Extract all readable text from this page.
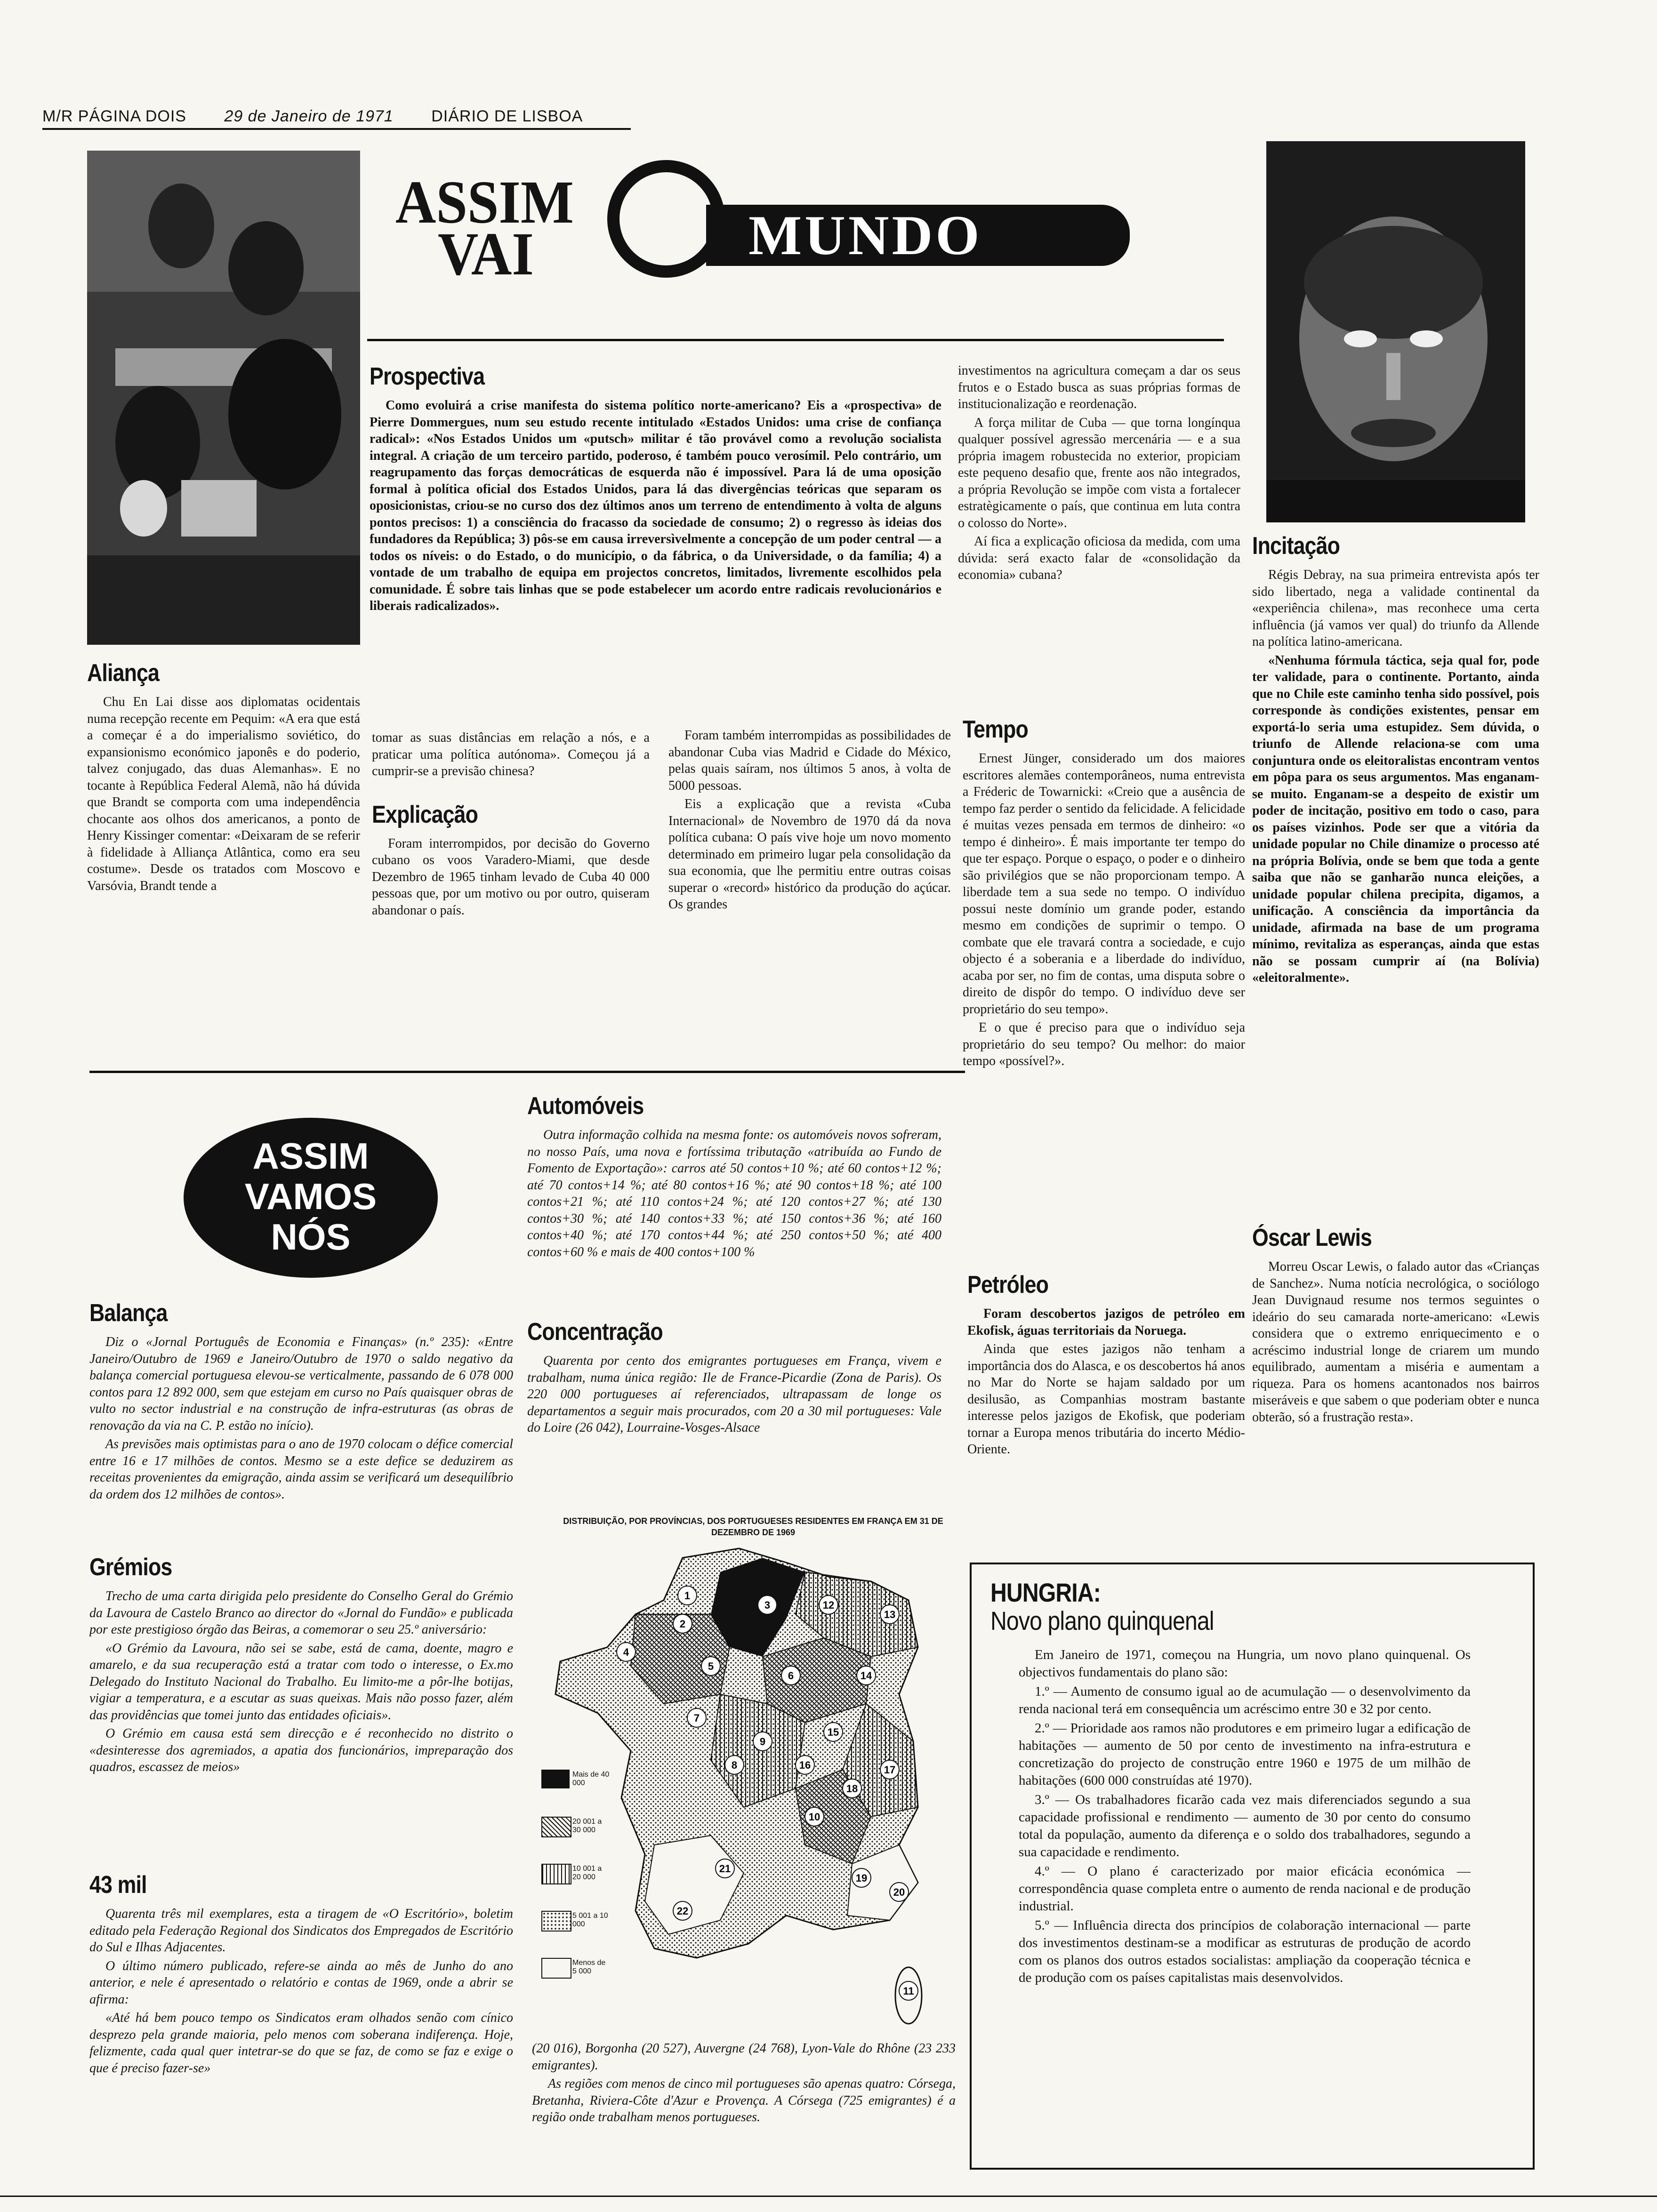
M/R PÁGINA DOIS 29 de Janeiro de 1971 DIÁRIO DE LISBOA
ASSIM
VAI	MUNDO
Prospectiva

Como evoluirá a crise manifesta do sistema político norte-americano? Eis a «prospectiva» de Pierre Dommergues, num seu estudo recente intitulado «Estados Unidos: uma crise de confiança radical»: «Nos Estados Unidos um «putsch» militar é tão provável como a revolução socialista integral. A criação de um terceiro partido, poderoso, é também pouco verosímil. Pelo contrário, um reagrupamento das forças democráticas de esquerda não é impossível. Para lá de uma oposição formal à política oficial dos Estados Unidos, para lá das divergências teóricas que separam os oposicionistas, criou-se no curso dos dez últimos anos um terreno de entendimento à volta de alguns pontos precisos: 1) a consciência do fracasso da sociedade de consumo; 2) o regresso às ideias dos fundadores da República; 3) pôs-se em causa irreversìvelmente a concepção de um poder central — a todos os níveis: o do Estado, o do município, o da fábrica, o da Universidade, o da família; 4) a vontade de um trabalho de equipa em projectos concretos, limitados, livremente escolhidos pela comunidade. É sobre tais linhas que se pode estabelecer um acordo entre radicais revolucionários e liberais radicalizados».

Aliança

Chu En Lai disse aos diplomatas ocidentais numa recepção recente em Pequim: «A era que está a começar é a do imperialismo soviético, do expansionismo económico japonês e do poderio, talvez conjugado, das duas Alemanhas». E no tocante à República Federal Alemã, não há dúvida que Brandt se comporta com uma independência chocante aos olhos dos americanos, a ponto de Henry Kissinger comentar: «Deixaram de se referir à fidelidade à Alliança Atlântica, como era seu costume». Desde os tratados com Moscovo e Varsóvia, Brandt tende a

tomar as suas distâncias em relação a nós, e a praticar uma política autónoma». Começou já a cumprir-se a previsão chinesa?

Explicação

Foram interrompidos, por decisão do Governo cubano os voos Varadero-Miami, que desde Dezembro de 1965 tinham levado de Cuba 40 000 pessoas que, por um motivo ou por outro, quiseram abandonar o país.

Foram também interrompidas as possibilidades de abandonar Cuba vias Madrid e Cidade do México, pelas quais saíram, nos últimos 5 anos, à volta de 5000 pessoas.

Eis a explicação que a revista «Cuba Internacional» de Novembro de 1970 dá da nova política cubana: O país vive hoje um novo momento determinado em primeiro lugar pela consolidação da sua economia, que lhe permitiu entre outras coisas superar o «record» histórico da produção do açúcar. Os grandes

investimentos na agricultura começam a dar os seus frutos e o Estado busca as suas próprias formas de institucionalização e reordenação.

A força militar de Cuba — que torna longínqua qualquer possível agressão mercenária — e a sua própria imagem robustecida no exterior, propiciam este pequeno desafio que, frente aos não integrados, a própria Revolução se impõe com vista a fortalecer estratègicamente o país, que continua em luta contra o colosso do Norte».

Aí fica a explicação oficiosa da medida, com uma dúvida: será exacto falar de «consolidação da economia» cubana?

Incitação

Régis Debray, na sua primeira entrevista após ter sido libertado, nega a validade continental da «experiência chilena», mas reconhece uma certa influência (já vamos ver qual) do triunfo da Allende na política latino-americana.

«Nenhuma fórmula táctica, seja qual for, pode ter validade, para o continente. Portanto, ainda que no Chile este caminho tenha sido possível, pois corresponde às condições existentes, pensar em exportá-lo seria uma estupidez. Sem dúvida, o triunfo de Allende relaciona-se com uma conjuntura onde os eleitoralistas encontram ventos em pôpa para os seus argumentos. Mas enganam-se muito. Enganam-se a despeito de existir um poder de incitação, positivo em todo o caso, para os países vizinhos. Pode ser que a vitória da unidade popular no Chile dinamize o processo até na própria Bolívia, onde se bem que toda a gente saiba que não se ganharão nunca eleições, a unidade popular chilena precipita, digamos, a unificação. A consciência da importância da unidade, afirmada na base de um programa mínimo, revitaliza as esperanças, ainda que estas não se possam cumprir aí (na Bolívia) «eleitoralmente».

Tempo

Ernest Jünger, considerado um dos maiores escritores alemães contemporâneos, numa entrevista a Fréderic de Towarnicki: «Creio que a ausência de tempo faz perder o sentido da felicidade. A felicidade é muitas vezes pensada em termos de dinheiro: «o tempo é dinheiro». É mais importante ter tempo do que ter espaço. Porque o espaço, o poder e o dinheiro são privilégios que se não proporcionam tempo. A liberdade tem a sua sede no tempo. O indivíduo possui neste domínio um grande poder, estando mesmo em condições de suprimir o tempo. O combate que ele travará contra a sociedade, e cujo objecto é a soberania e a liberdade do indivíduo, acaba por ser, no fim de contas, uma disputa sobre o direito de dispôr do tempo. O indivíduo deve ser proprietário do seu tempo».

E o que é preciso para que o indivíduo seja proprietário do seu tempo? Ou melhor: do maior tempo «possível?».

Óscar Lewis

Morreu Oscar Lewis, o falado autor das «Crianças de Sanchez». Numa notícia necrológica, o sociólogo Jean Duvignaud resume nos termos seguintes o ideário do seu camarada norte-americano: «Lewis considera que o extremo enriquecimento e o acréscimo industrial longe de criarem um mundo equilibrado, aumentam a miséria e aumentam a riqueza. Para os homens acantonados nos bairros miseráveis e que sabem o que poderiam obter e nunca obterão, só a frustração resta».

ASSIM
VAMOS
NÓS
Automóveis

Outra informação colhida na mesma fonte: os automóveis novos sofreram, no nosso País, uma nova e fortíssima tributação «atribuída ao Fundo de Fomento de Exportação»: carros até 50 contos+10 %; até 60 contos+12 %; até 70 contos+14 %; até 80 contos+16 %; até 90 contos+18 %; até 100 contos+21 %; até 110 contos+24 %; até 120 contos+27 %; até 130 contos+30 %; até 140 contos+33 %; até 150 contos+36 %; até 160 contos+40 %; até 170 contos+44 %; até 250 contos+50 %; até 400 contos+60 % e mais de 400 contos+100 %

Concentração

Quarenta por cento dos emigrantes portugueses em França, vivem e trabalham, numa única região: Ile de France-Picardie (Zona de Paris). Os 220 000 portugueses aí referenciados, ultrapassam de longe os departamentos a seguir mais procurados, com 20 a 30 mil portugueses: Vale do Loire (26 042), Lourraine-Vosges-Alsace

DISTRIBUIÇÃO, POR PROVÍNCIAS, DOS PORTUGUESES RESIDENTES EM FRANÇA EM 31 DE DEZEMBRO DE 1969
3
1
2
4
5
6
7
8
9
10
11
12
13
14
15
16	17
18
19
20
21
22
Mais de 40 000
20 001 a 30 000
10 001 a 20 000
5 001 a 10 000
Menos de 5 000

(20 016), Borgonha (20 527), Auvergne (24 768), Lyon-Vale do Rhône (23 233 emigrantes).

As regiões com menos de cinco mil portugueses são apenas quatro: Córsega, Bretanha, Riviera-Côte d'Azur e Provença. A Córsega (725 emigrantes) é a região onde trabalham menos portugueses.

Petróleo

Foram descobertos jazigos de petróleo em Ekofisk, águas territoriais da Noruega.

Ainda que estes jazigos não tenham a importância dos do Alasca, e os descobertos há anos no Mar do Norte se hajam saldado por um desilusão, as Companhias mostram bastante interesse pelos jazigos de Ekofisk, que poderiam tornar a Europa menos tributária do incerto Médio-Oriente.

Balança

Diz o «Jornal Português de Economia e Finanças» (n.º 235): «Entre Janeiro/Outubro de 1969 e Janeiro/Outubro de 1970 o saldo negativo da balança comercial portuguesa elevou-se verticalmente, passando de 6 078 000 contos para 12 892 000, sem que estejam em curso no País quaisquer obras de vulto no sector industrial e na construção de infra-estruturas (as obras de renovação da via na C. P. estão no início).

As previsões mais optimistas para o ano de 1970 colocam o défice comercial entre 16 e 17 milhões de contos. Mesmo se a este defice se deduzirem as receitas provenientes da emigração, ainda assim se verificará um desequilíbrio da ordem dos 12 milhões de contos».

Grémios

Trecho de uma carta dirigida pelo presidente do Conselho Geral do Grémio da Lavoura de Castelo Branco ao director do «Jornal do Fundão» e publicada por este prestigioso órgão das Beiras, a comemorar o seu 25.º aniversário:

«O Grémio da Lavoura, não sei se sabe, está de cama, doente, magro e amarelo, e da sua recuperação está a tratar com todo o interesse, o Ex.mo Delegado do Instituto Nacional do Trabalho. Eu limito-me a pôr-lhe botijas, vigiar a temperatura, e a escutar as suas queixas. Mais não posso fazer, além das providências que tomei junto das entidades oficiais».

O Grémio em causa está sem direcção e é reconhecido no distrito o «desinteresse dos agremiados, a apatia dos funcionários, impreparação dos quadros, escassez de meios»

43 mil

Quarenta três mil exemplares, esta a tiragem de «O Escritório», boletim editado pela Federação Regional dos Sindicatos dos Empregados de Escritório do Sul e Ilhas Adjacentes.

O último número publicado, refere-se ainda ao mês de Junho do ano anterior, e nele é apresentado o relatório e contas de 1969, onde a abrir se afirma:

«Até há bem pouco tempo os Sindicatos eram olhados senão com cínico desprezo pela grande maioria, pelo menos com soberana indiferença. Hoje, felizmente, cada qual quer intetrar-se do que se faz, de como se faz e exige o que é preciso fazer-se»

HUNGRIA:
Novo plano quinquenal

Em Janeiro de 1971, começou na Hungria, um novo plano quinquenal. Os objectivos fundamentais do plano são:

1.º — Aumento de consumo igual ao de acumulação — o desenvolvimento da renda nacional terá em consequência um acréscimo entre 30 e 32 por cento.

2.º — Prioridade aos ramos não produtores e em primeiro lugar a edificação de habitações — aumento de 50 por cento de investimento na infra-estrutura e concretização do projecto de construção entre 1960 e 1975 de um milhão de habitações (600 000 construídas até 1970).

3.º — Os trabalhadores ficarão cada vez mais diferenciados segundo a sua capacidade profissional e rendimento — aumento de 30 por cento do consumo total da população, aumento da diferença e o soldo dos trabalhadores, segundo a sua capacidade e rendimento.

4.º — O plano é caracterizado por maior eficácia económica — correspondência quase completa entre o aumento de renda nacional e de produção industrial.

5.º — Influência directa dos princípios de colaboração internacional — parte dos investimentos destinam-se a modificar as estruturas de produção de acordo com os planos dos outros estados socialistas: ampliação da cooperação técnica e de produção com os países capitalistas mais desenvolvidos.
